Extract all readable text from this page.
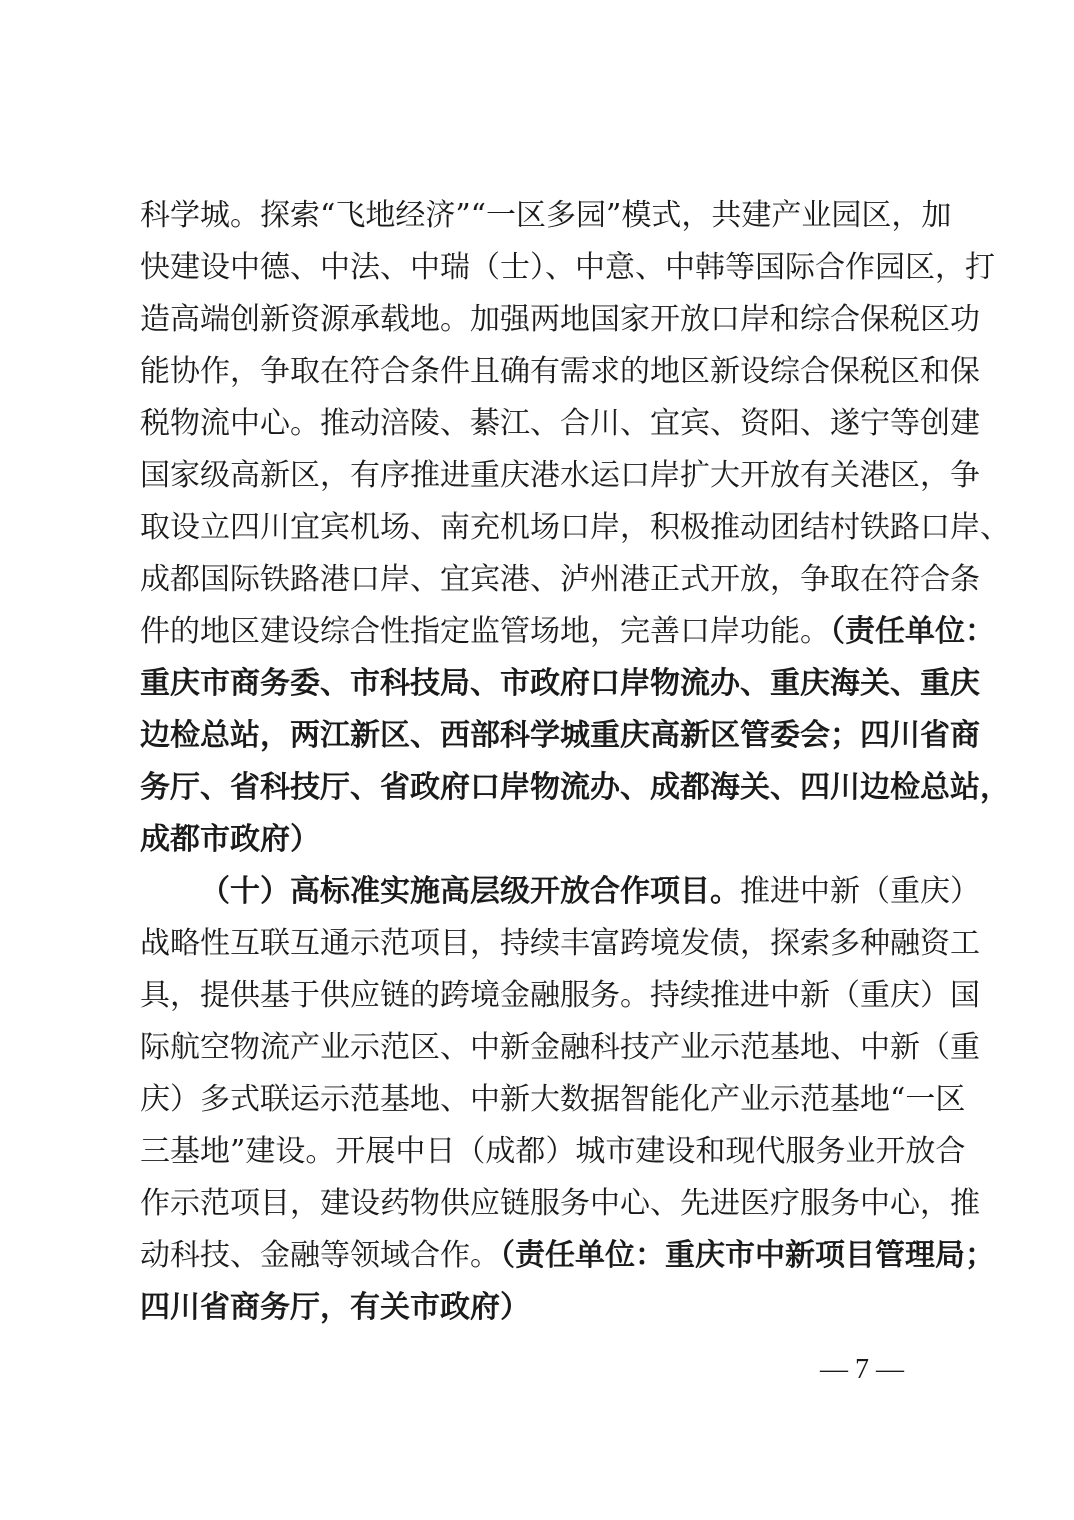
科学城。探索“飞地经济”“一区多园”模式，共建产业园区，加
快建设中德、中法、中瑞（士）、中意、中韩等国际合作园区，打
造高端创新资源承载地。加强两地国家开放口岸和综合保税区功
能协作，争取在符合条件且确有需求的地区新设综合保税区和保
税物流中心。推动涪陵、綦江、合川、宜宾、资阳、遂宁等创建
国家级高新区，有序推进重庆港水运口岸扩大开放有关港区，争
取设立四川宜宾机场、南充机场口岸，积极推动团结村铁路口岸、
成都国际铁路港口岸、宜宾港、泸州港正式开放，争取在符合条
件的地区建设综合性指定监管场地，完善口岸功能。（责任单位：
重庆市商务委、市科技局、市政府口岸物流办、重庆海关、重庆
边检总站，两江新区、西部科学城重庆高新区管委会；四川省商
务厅、省科技厅、省政府口岸物流办、成都海关、四川边检总站，
成都市政府）
（十）高标准实施高层级开放合作项目。推进中新（重庆）
战略性互联互通示范项目，持续丰富跨境发债，探索多种融资工
具，提供基于供应链的跨境金融服务。持续推进中新（重庆）国
际航空物流产业示范区、中新金融科技产业示范基地、中新（重
庆）多式联运示范基地、中新大数据智能化产业示范基地“一区
三基地”建设。开展中日（成都）城市建设和现代服务业开放合
作示范项目，建设药物供应链服务中心、先进医疗服务中心，推
动科技、金融等领域合作。（责任单位：重庆市中新项目管理局；
四川省商务厅，有关市政府）
— 7 —
